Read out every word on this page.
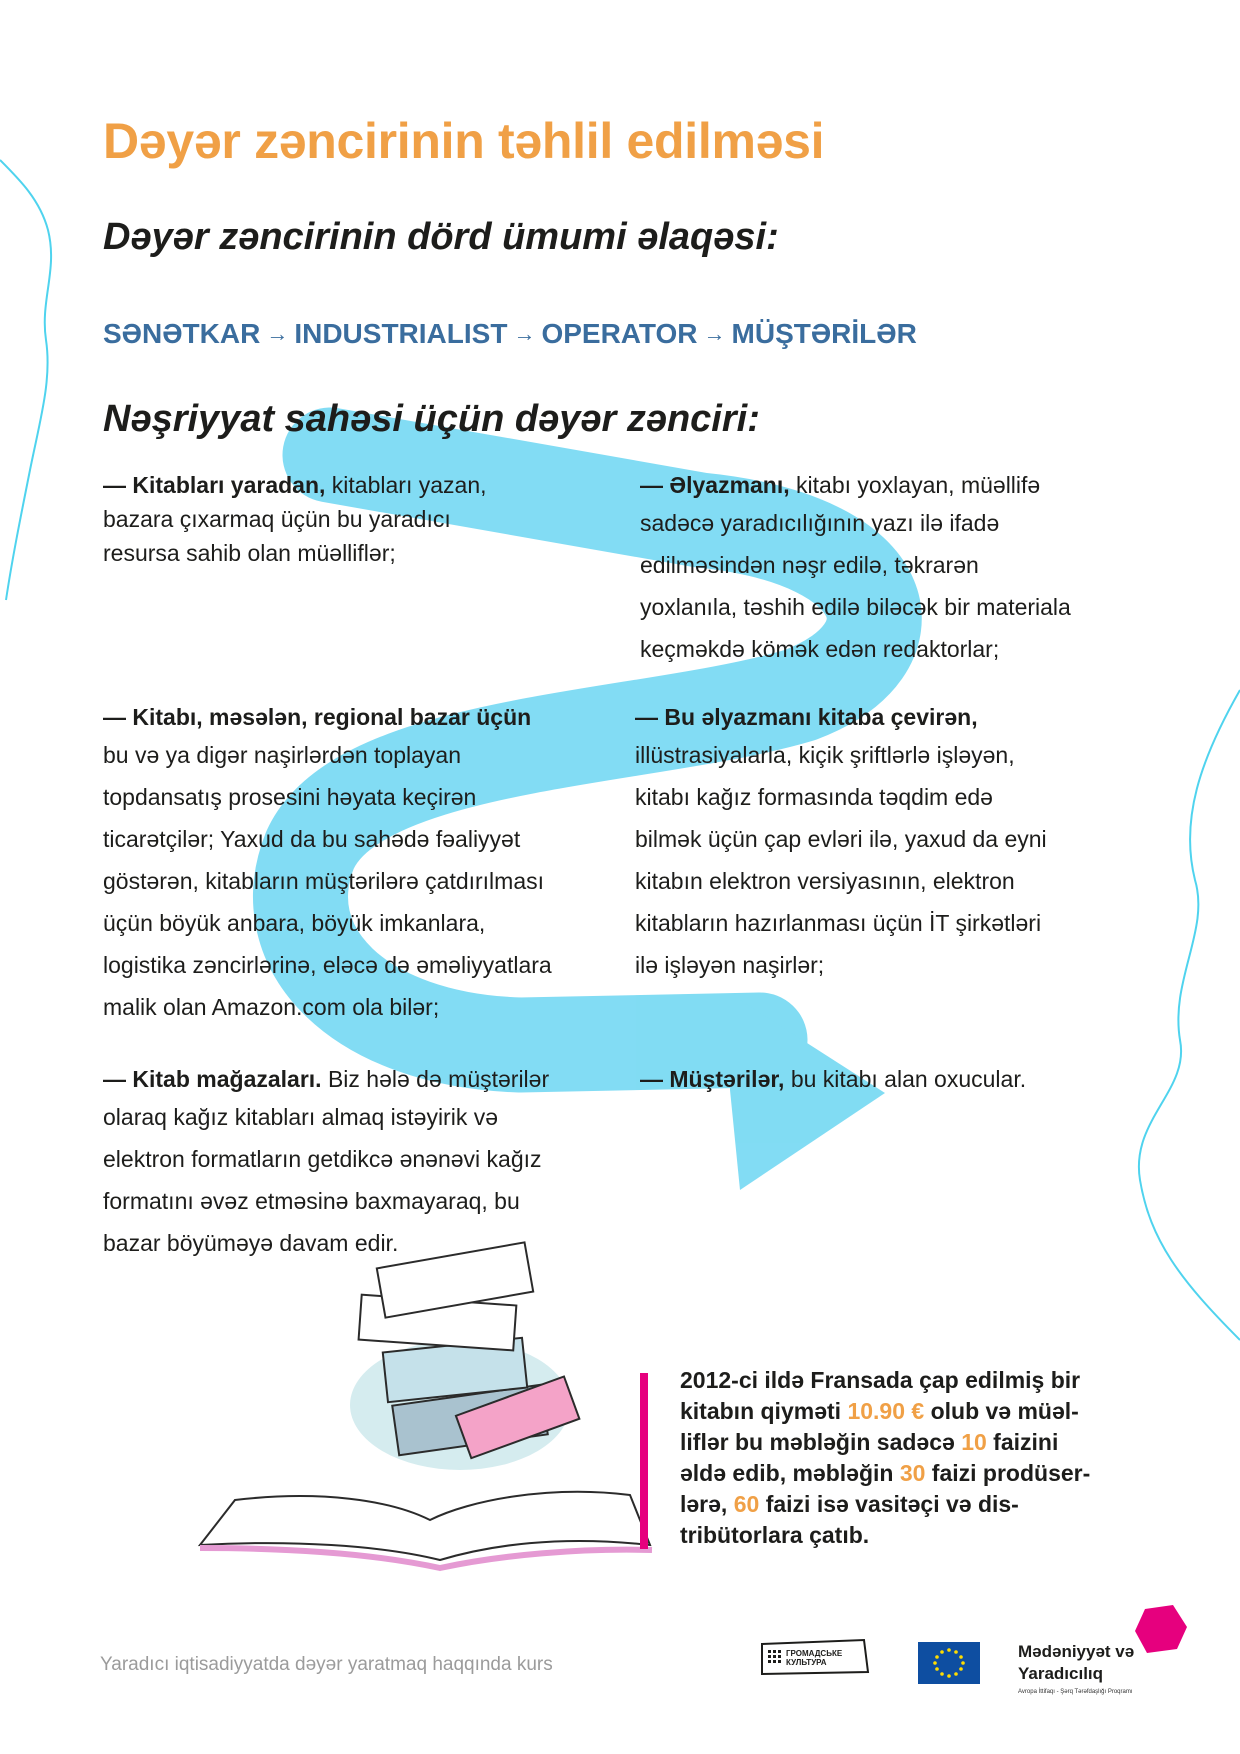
Dəyər zəncirinin təhlil edilməsi
Dəyər zəncirinin dörd ümumi əlaqəsi:
SƏNƏTKAR → INDUSTRIALIST → OPERATOR → MÜŞTƏRİLƏR
Nəşriyyat sahəsi üçün dəyər zənciri:
— Kitabları yaradan, kitabları yazan,
bazara çıxarmaq üçün bu yaradıcı
resursa sahib olan müəlliflər;
— Əlyazmanı, kitabı yoxlayan, müəllifə
sadəcə yaradıcılığının yazı ilə ifadə
edilməsindən nəşr edilə, təkrarən
yoxlanıla, təshih edilə biləcək bir materiala
keçməkdə kömək edən redaktorlar;
— Kitabı, məsələn, regional bazar üçün
bu və ya digər naşirlərdən toplayan
topdansatış prosesini həyata keçirən
ticarətçilər; Yaxud da bu sahədə fəaliyyət
göstərən, kitabların müştərilərə çatdırılması
üçün böyük anbara, böyük imkanlara,
logistika zəncirlərinə, eləcə də əməliyyatlara
malik olan Amazon.com ola bilər;
— Bu əlyazmanı kitaba çevirən,
illüstrasiyalarla, kiçik şriftlərlə işləyən,
kitabı kağız formasında təqdim edə
bilmək üçün çap evləri ilə, yaxud da eyni
kitabın elektron versiyasının, elektron
kitabların hazırlanması üçün İT şirkətləri
ilə işləyən naşirlər;
— Kitab mağazaları. Biz hələ də müştərilər
olaraq kağız kitabları almaq istəyirik və
elektron formatların getdikcə ənənəvi kağız
formatını əvəz etməsinə baxmayaraq, bu
bazar böyüməyə davam edir.
— Müştərilər, bu kitabı alan oxucular.
2012-ci ildə Fransada çap edilmiş bir
kitabın qiyməti 10.90 € olub və müəl-
liflər bu məbləğin sadəcə 10 faizini
əldə edib, məbləğin 30 faizi prodüser-
lərə, 60 faizi isə vasitəçi və dis-
tribütorlara çatıb.
Yaradıcı iqtisadiyyatda dəyər yaratmaq haqqında kurs
ГРОМАДСЬКЕ
КУЛЬТУРА
Mədəniyyət və
Yaradıcılıq
Avropa İttifaqı - Şərq Tərəfdaşlığı Proqramı
